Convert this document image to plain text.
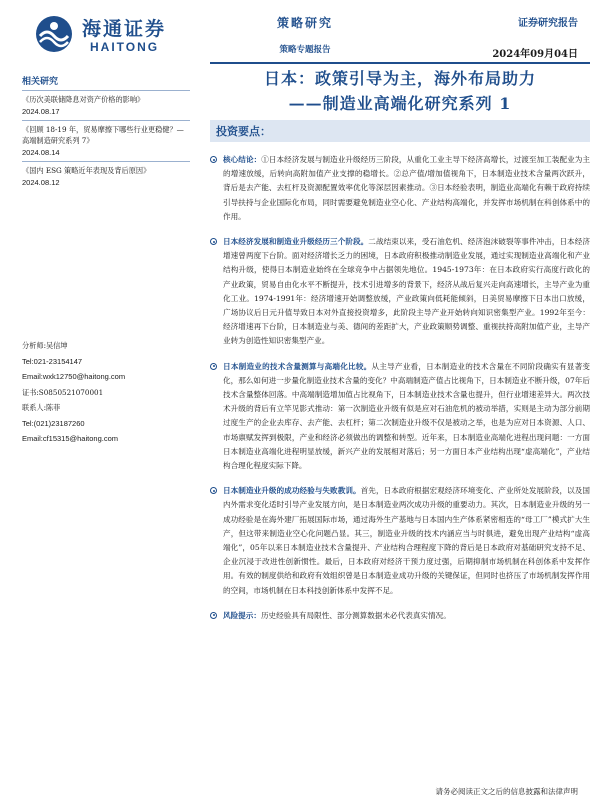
海通证券
HAITONG
策略研究
策略专题报告
证券研究报告
2024年09月04日
相关研究
《历次美联储降息对资产价格的影响》
2024.08.17
《回顾 18-19 年，贸易摩擦下哪些行业更稳健？—高端制造研究系列 7》
2024.08.14
《国内 ESG 策略近年表现及背后原因》
2024.08.12
分析师:吴信坤
Tel:021-23154147
Email:wxk12750@haitong.com
证书:S0850521070001
联系人:陈菲
Tel:(021)23187260
Email:cf15315@haitong.com
日本：政策引导为主，海外布局助力
——制造业高端化研究系列 1
投资要点：
核心结论：①日本经济发展与制造业升级经历三阶段，从重化工业主导下经济高增长，过渡至加工装配业为主的增速放缓，后转向高附加值产业支撑的稳增长。②总产值/增加值视角下，日本制造业技术含量两次跃升，背后是去产能、去杠杆及资源配置效率优化等深层因素推动。③日本经验表明，制造业高端化有赖于政府持续引导扶持与企业国际化布局，同时需要避免制造业空心化、产业结构高端化，并发挥市场机制在科创体系中的作用。
日本经济发展和制造业升级经历三个阶段。二战结束以来，受石油危机、经济泡沫破裂等事件冲击，日本经济增速曾两度下台阶。面对经济增长乏力的困境，日本政府积极推动制造业发展，通过实现制造业高端化和产业结构升级，使得日本制造业始终在全球竞争中占据领先地位。1945-1973年：在日本政府实行高度行政化的产业政策，贸易自由化水平不断提升，技术引进增多的背景下，经济从战后复兴走向高速增长，主导产业为重化工业。1974-1991年：经济增速开始调整放缓，产业政策向低耗能倾斜，日美贸易摩擦下日本出口放缓，广场协议后日元升值导致日本对外直接投资增多，此阶段主导产业开始转向知识密集型产业。1992年至今：经济增速再下台阶，日本制造业与美、德间的差距扩大，产业政策顺势调整、重视扶持高附加值产业，主导产业转为创造性知识密集型产业。
日本制造业的技术含量测算与高端化比较。从主导产业看，日本制造业的技术含量在不同阶段确实有显著变化，那么如何进一步量化制造业技术含量的变化？中高端制造产值占比视角下，日本制造业不断升级，07年后技术含量整体回落。中高端制造增加值占比视角下，日本制造业技术含量也提升，但行业增速差异大。两次技术升级的背后有立竿见影式推动：第一次制造业升级有似是应对石油危机的被动举措，实则是主动为部分前期过度生产的企业去库存、去产能、去杠杆；第二次制造业升级不仅是被动之举，也是为应对日本资源、人口、市场禀赋发挥到极限，产业和经济必须做出的调整和转型。近年来，日本制造业高端化进程出现问题：一方面日本制造业高端化进程明显放缓，新兴产业的发展相对落后；另一方面日本产业结构出现“虚高端化”，产业结构合理化程度实际下降。
日本制造业升级的成功经验与失败教训。首先，日本政府根据宏观经济环境变化、产业所处发展阶段，以及国内外需求变化适时引导产业发展方向，是日本制造业两次成功升级的重要动力。其次，日本制造业升级的另一成功经验是在海外建厂拓展国际市场，通过海外生产基地与日本国内生产体系紧密相连的“母工厂”模式扩大生产，但这带来制造业空心化问题凸显。其三，制造业升级的技术内涵应当与时俱进，避免出现产业结构“虚高端化”，05年以来日本制造业技术含量提升、产业结构合理程度下降的背后是日本政府对基础研究支持不足、企业沉浸于改进性创新惯性。最后，日本政府对经济干预力度过强，后期抑制市场机制在科创体系中发挥作用。有效的制度供给和政府有效组织曾是日本制造业成功升级的关键保证，但同时也挤压了市场机制发挥作用的空间，市场机制在日本科技创新体系中发挥不足。
风险提示：历史经验具有局限性、部分测算数据未必代表真实情况。
请务必阅读正文之后的信息披露和法律声明
